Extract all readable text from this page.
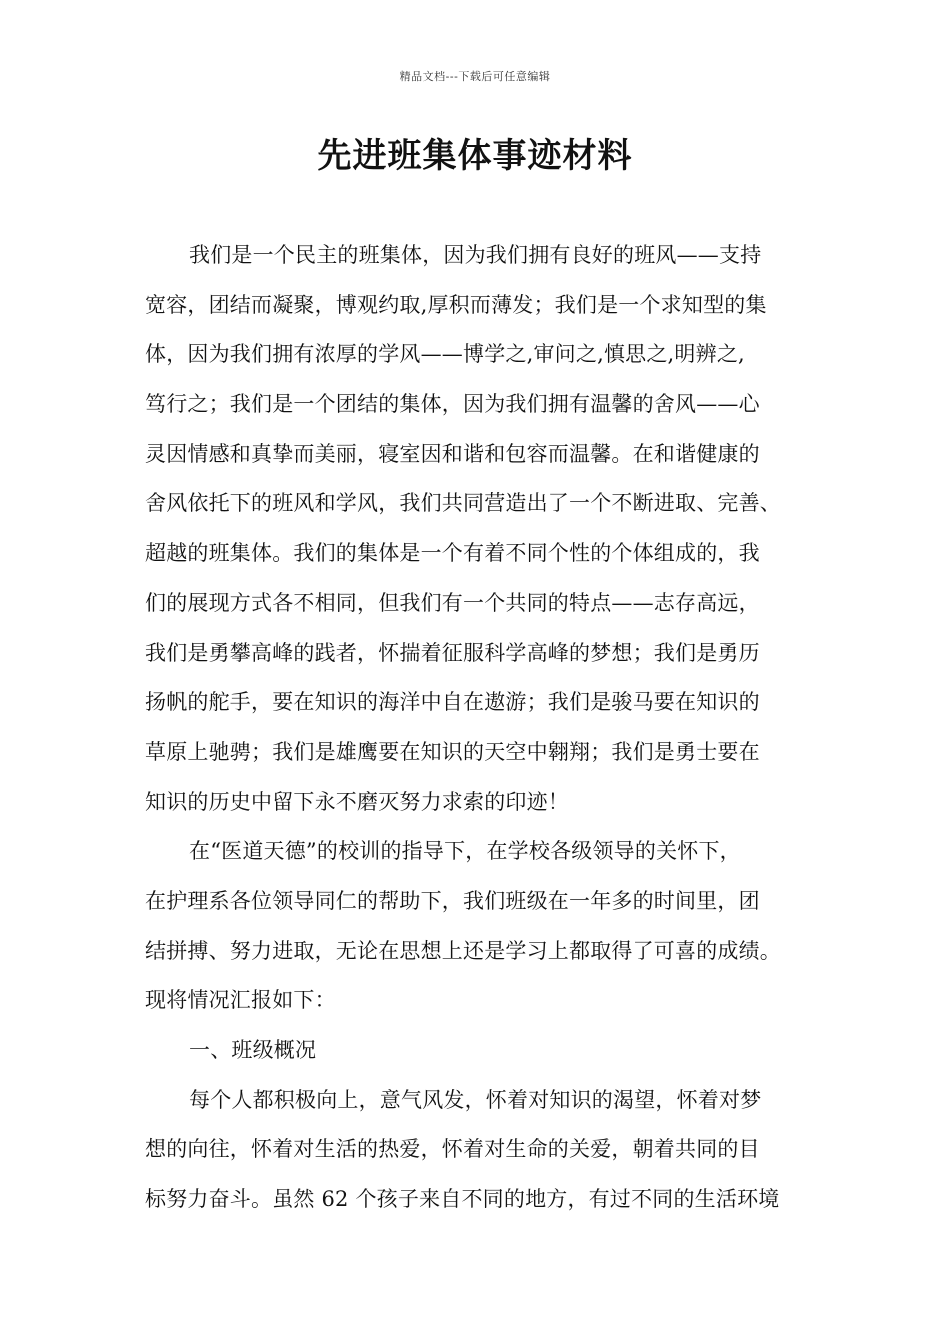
精品文档---下载后可任意编辑
先进班集体事迹材料
我们是一个民主的班集体，因为我们拥有良好的班风——支持
宽容，团结而凝聚，博观约取,厚积而薄发；我们是一个求知型的集
体，因为我们拥有浓厚的学风——博学之,审问之,慎思之,明辨之,
笃行之；我们是一个团结的集体，因为我们拥有温馨的舍风——心
灵因情感和真挚而美丽，寝室因和谐和包容而温馨。在和谐健康的
舍风依托下的班风和学风，我们共同营造出了一个不断进取、完善、
超越的班集体。我们的集体是一个有着不同个性的个体组成的，我
们的展现方式各不相同，但我们有一个共同的特点——志存高远，
我们是勇攀高峰的践者，怀揣着征服科学高峰的梦想；我们是勇历
扬帆的舵手，要在知识的海洋中自在遨游；我们是骏马要在知识的
草原上驰骋；我们是雄鹰要在知识的天空中翱翔；我们是勇士要在
知识的历史中留下永不磨灭努力求索的印迹！
在“医道天德”的校训的指导下，在学校各级领导的关怀下，
在护理系各位领导同仁的帮助下，我们班级在一年多的时间里，团
结拼搏、努力进取，无论在思想上还是学习上都取得了可喜的成绩。
现将情况汇报如下：
一、班级概况
每个人都积极向上，意气风发，怀着对知识的渴望，怀着对梦
想的向往，怀着对生活的热爱，怀着对生命的关爱，朝着共同的目
标努力奋斗。虽然 62 个孩子来自不同的地方，有过不同的生活环境
